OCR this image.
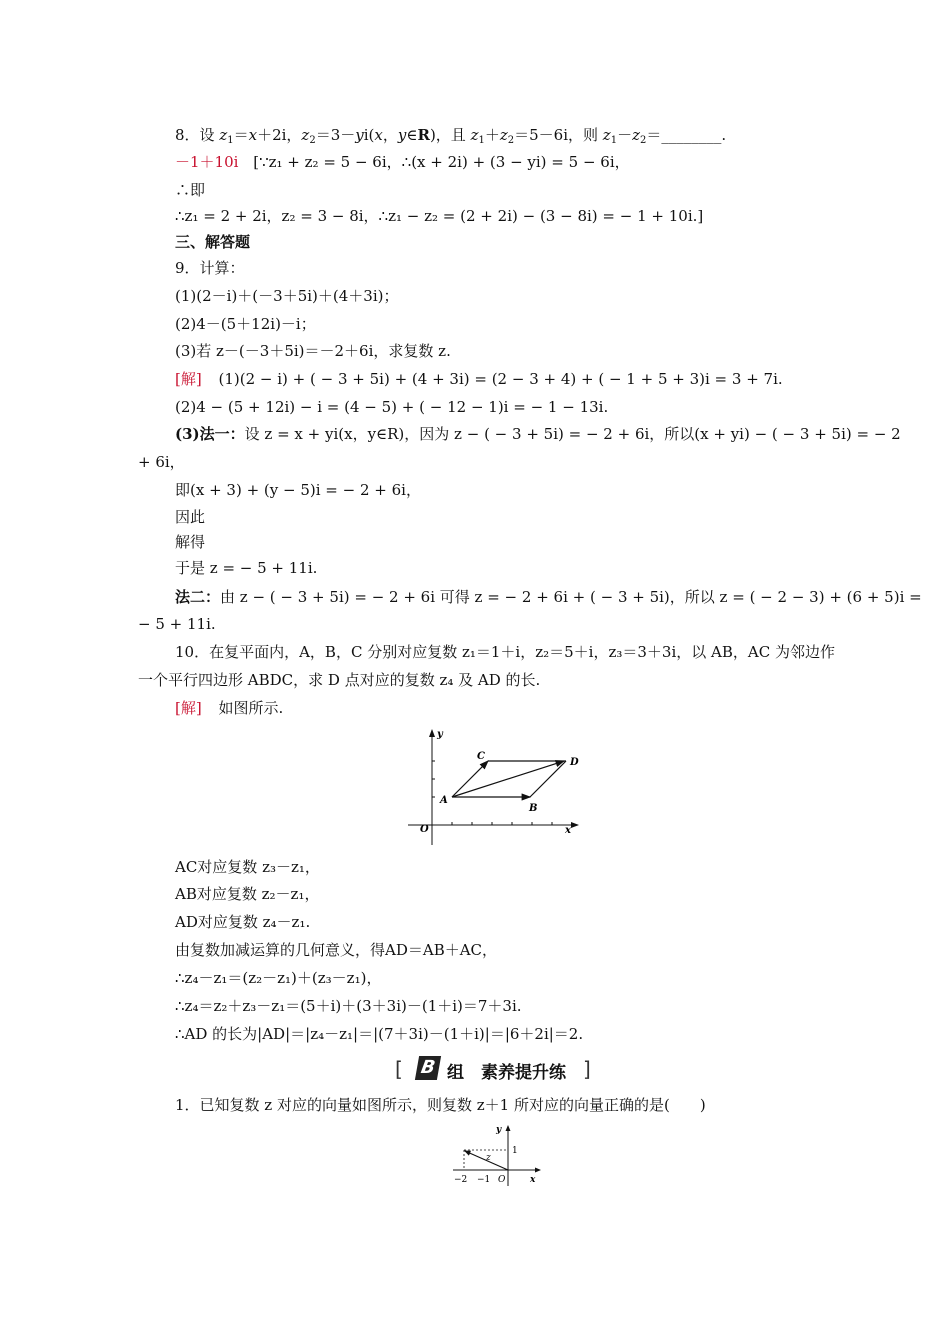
8．设 $z_1=x+2i$，$z_2=3-yi(x$，y∈R)，且 $z_1+z_2=5-6i$，则 $z_1-z_2=\_\_\_\_\_\_\_\_$.
－1＋10i [∵z₁ + z₂ = 5 − 6i，∴(x + 2i) + (3 − yi) = 5 − 6i，
∴即
∴z₁ = 2 + 2i，z₂ = 3 − 8i，∴z₁ − z₂ = (2 + 2i) − (3 − 8i) = − 1 + 10i.]
三、解答题
9．计算：
(1)(2－i)＋(－3＋5i)＋(4＋3i)；
(2)4－(5＋12i)－i；
(3)若 z－(－3＋5i)＝－2＋6i，求复数 z.
[解] (1)(2 − i) + ( − 3 + 5i) + (4 + 3i) = (2 − 3 + 4) + ( − 1 + 5 + 3)i = 3 + 7i.
(2)4 − (5 + 12i) − i = (4 − 5) + ( − 12 − 1)i = − 1 − 13i.
(3)法一：设 z = x + yi(x，y∈R)，因为 z − ( − 3 + 5i) = − 2 + 6i，所以(x + yi) − ( − 3 + 5i) = − 2
+ 6i，
即(x + 3) + (y − 5)i = − 2 + 6i，
因此
解得
于是 z = − 5 + 11i.
法二：由 z − ( − 3 + 5i) = − 2 + 6i 可得 z = − 2 + 6i + ( − 3 + 5i)，所以 z = ( − 2 − 3) + (6 + 5)i =
− 5 + 11i.
10．在复平面内，A，B，C 分别对应复数 z₁＝1＋i，z₂＝5＋i，z₃＝3＋3i，以 AB，AC 为邻边作
一个平行四边形 ABDC，求 D 点对应的复数 z₄ 及 AD 的长.
[解] 如图所示.
y
x
O
A
B
C
D
AC对应复数 z₃－z₁，
AB对应复数 z₂－z₁，
AD对应复数 z₄－z₁.
由复数加减运算的几何意义，得AD＝AB＋AC，
∴z₄－z₁＝(z₂－z₁)＋(z₃－z₁)，
∴z₄＝z₂＋z₃－z₁＝(5＋i)＋(3＋3i)－(1＋i)＝7＋3i.
∴AD 的长为|AD|＝|z₄－z₁|＝|(7＋3i)－(1＋i)|＝|6＋2i|＝2.
[ B 组　素养提升练 ]
1．已知复数 z 对应的向量如图所示，则复数 z＋1 所对应的向量正确的是(　　)
y
x
O
z
1
−2 −1
